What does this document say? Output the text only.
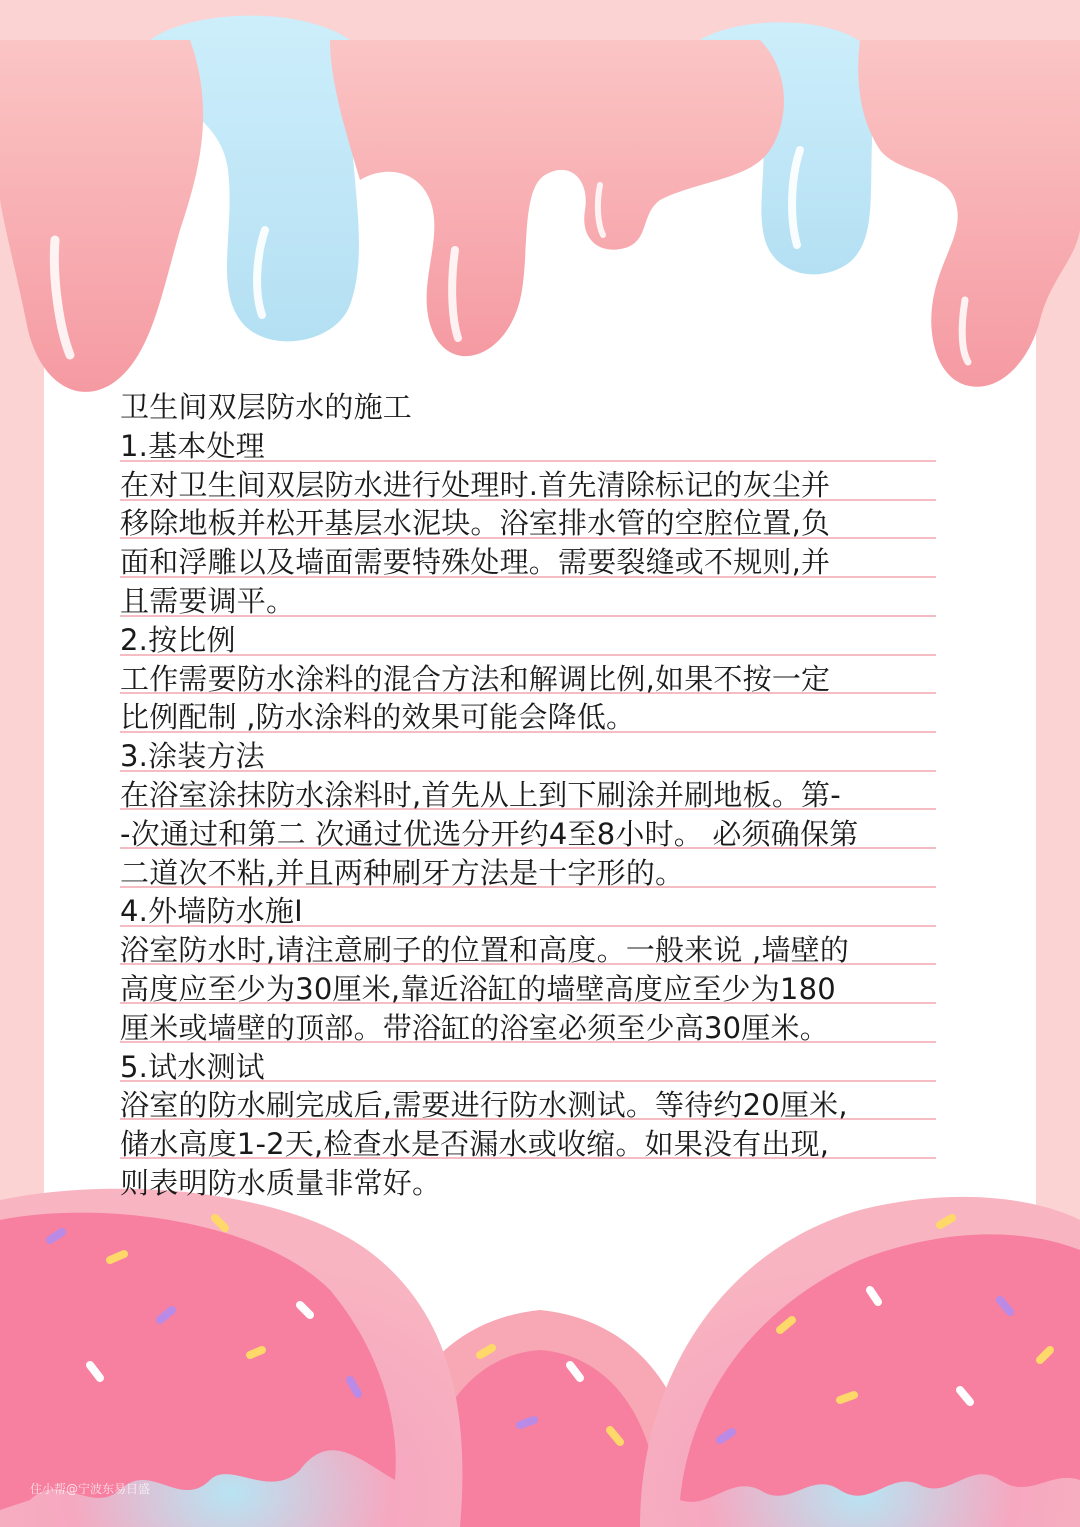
卫生间双层防水的施工

1.基本处理

在对卫生间双层防水进行处理时.首先清除标记的灰尘并

移除地板并松开基层水泥块。浴室排水管的空腔位置,负

面和浮雕以及墙面需要特殊处理。需要裂缝或不规则,并

且需要调平。

2.按比例

工作需要防水涂料的混合方法和解调比例,如果不按一定

比例配制 ,防水涂料的效果可能会降低。

3.涂装方法

在浴室涂抹防水涂料时,首先从上到下刷涂并刷地板。第-

-次通过和第二 次通过优选分开约4至8小时。 必须确保第

二道次不粘,并且两种刷牙方法是十字形的。

4.外墙防水施I

浴室防水时,请注意刷子的位置和高度。一般来说 ,墙壁的

高度应至少为30厘米,靠近浴缸的墙壁高度应至少为180

厘米或墙壁的顶部。带浴缸的浴室必须至少高30厘米。

5.试水测试

浴室的防水刷完成后,需要进行防水测试。等待约20厘米,

储水高度1-2天,检查水是否漏水或收缩。如果没有出现,

则表明防水质量非常好。

住小帮@宁波东易日盛
